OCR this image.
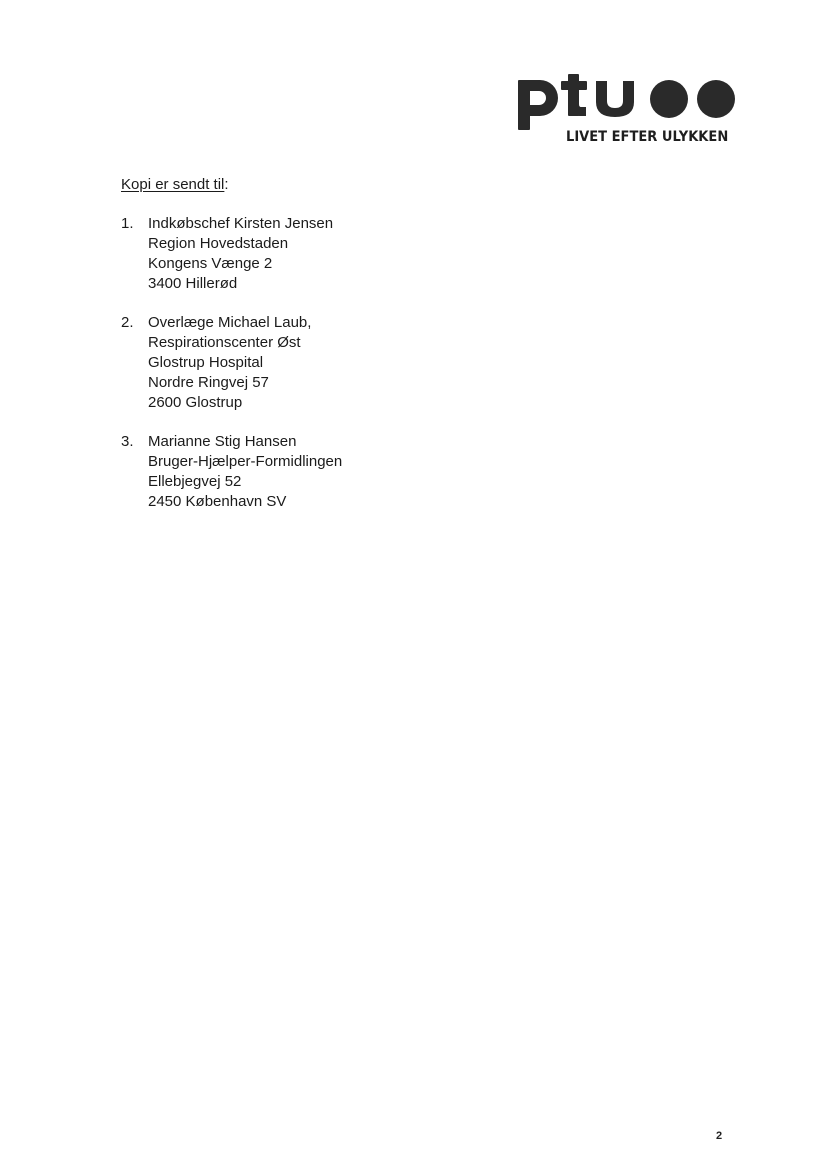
LIVET EFTER ULYKKEN
Kopi er sendt til:
1. Indkøbschef Kirsten Jensen
Region Hovedstaden
Kongens Vænge 2
3400 Hillerød
2. Overlæge Michael Laub,
Respirationscenter Øst
Glostrup Hospital
Nordre Ringvej 57
2600 Glostrup
3. Marianne Stig Hansen
Bruger-Hjælper-Formidlingen
Ellebjegvej 52
2450 København SV
2
